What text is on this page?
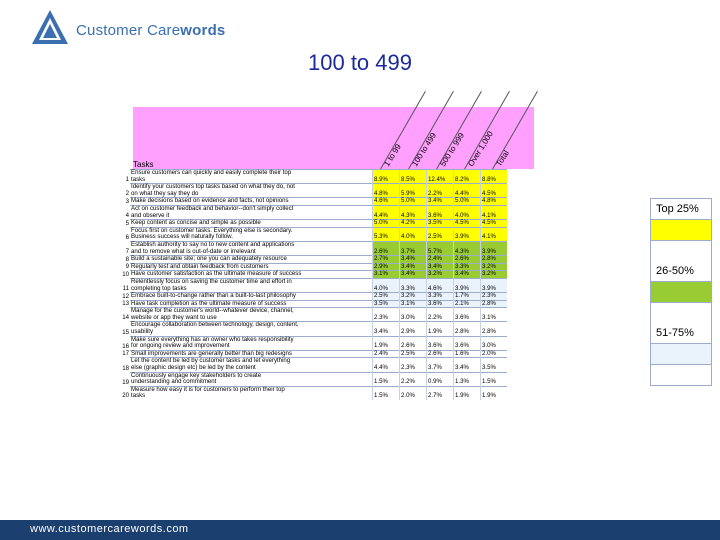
Customer Carewords
100 to 499
Tasks	1 to 99 100 to 499 500 to 999 Over 1,000 Total
1	Ensure customers can quickly and easily complete their top
tasks	8.9%	8.5%	12.4%	8.2%	8.8%
2	Identify your customers top tasks based on what they do, not
on what they say they do	4.8%	5.9%	2.2%	4.4%	4.5%
3	Make decisions based on evidence and facts, not opinions	4.6%	5.0%	3.4%	5.0%	4.8%
4	Act on customer feedback and behavior--don't simply collect
and observe it	4.4%	4.3%	3.6%	4.0%	4.1%
5	Keep content as concise and simple as possible	5.0%	4.2%	3.5%	4.5%	4.5%
6	Focus first on customer tasks. Everything else is secondary.
Business success will naturally follow.	5.3%	4.0%	2.5%	3.9%	4.1%
7	Establish authority to say no to new content and applications
and to remove what is out-of-date or irrelevant	2.6%	3.7%	5.7%	4.3%	3.9%
8	Build a sustainable site; one you can adequately resource	2.7%	3.4%	2.4%	2.6%	2.8%
9	Regularly test and obtain feedback from customers	2.9%	3.4%	3.4%	3.3%	3.2%
10	Have customer satisfaction as the ultimate measure of success	3.1%	3.4%	3.2%	3.4%	3.2%
11	Relentlessly focus on saving the customer time and effort in
completing top tasks	4.0%	3.3%	4.6%	3.9%	3.9%
12	Embrace built-to-change rather than a built-to-last philosophy	2.5%	3.2%	3.3%	1.7%	2.3%
13	Have task completion as the ultimate measure of success	3.5%	3.1%	3.6%	2.1%	2.8%
14	Manage for the customer's world--whatever device, channel,
website or app they want to use	2.3%	3.0%	2.2%	3.6%	3.1%
15	Encourage collaboration between technology, design, content,
usability	3.4%	2.9%	1.9%	2.8%	2.8%
16	Make sure everything has an owner who takes responsibility
for ongoing review and improvement	1.9%	2.6%	3.6%	3.6%	3.0%
17	Small improvements are generally better than big redesigns	2.4%	2.5%	2.6%	1.6%	2.0%
18	Let the content be led by customer tasks and let everything
else (graphic design etc) be led by the content	4.4%	2.3%	3.7%	3.4%	3.5%
19	Continuously engage key stakeholders to create
understanding and commitment	1.5%	2.2%	0.9%	1.3%	1.5%
20	Measure how easy it is for customers to perform their top
tasks	1.5%	2.0%	2.7%	1.9%	1.9%
Top 25%
26-50%
51-75%
www.customercarewords.com
